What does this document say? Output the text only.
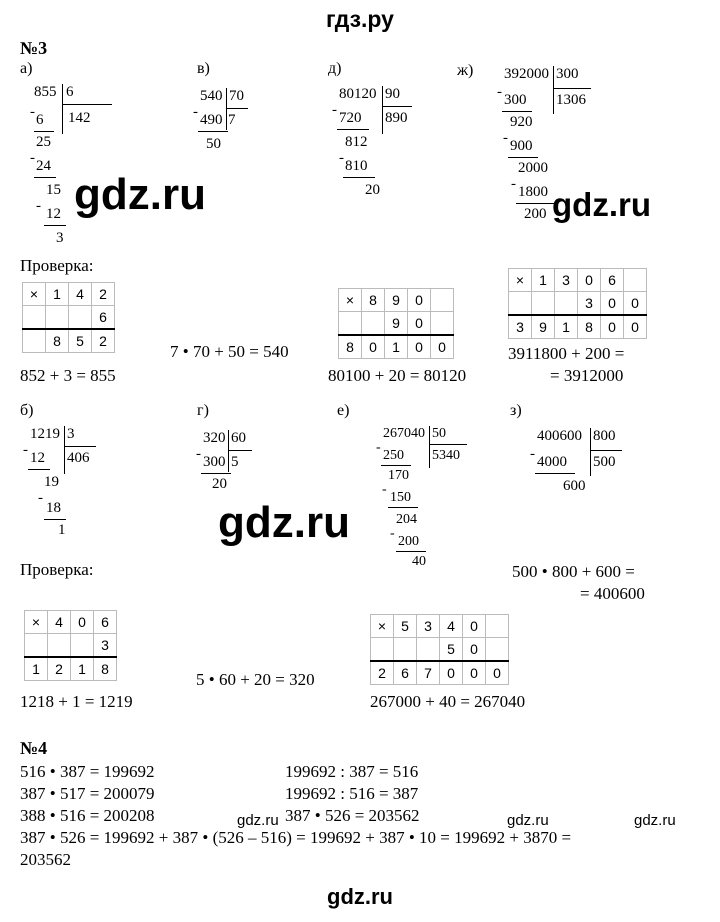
гдз.ру
№3
а)	в)	д)	ж)
855 6
142
- 6
25
- 24
15
- 12
3
540 70
7
- 490
50
80120 90
890
- 720
812
- 810
20
392000 300
1306
- 300
920
- 900
2000
- 1800
200
gdz.ru	gdz.ru
Проверка:
×	1	4	2
			6
	8	5	2
852 + 3 = 855
7 • 70 + 50 = 540
×	8	9	0	
		9	0	
8	0	1	0	0
80100 + 20 = 80120
×	1	3	0	6	
			3	0	0
3	9	1	8	0	0
3911800 + 200 =
= 3912000
б)	г)	е)	з)
1219 3
406
- 12
19
-
18
1
320 60
5
- 300
20
267040 50
5340
-
250
170
-
150
204
-
200
40
400600 800
500
- 4000
600
gdz.ru
Проверка:	500 • 800 + 600 =
= 400600
×	4	0	6
			3
1	2	1	8
1218 + 1 = 1219
5 • 60 + 20 = 320
×	5	3	4	0	
			5	0	
2	6	7	0	0	0
267000 + 40 = 267040
№4
516 • 387 = 199692
387 • 517 = 200079
388 • 516 = 200208
199692 : 387 = 516
199692 : 516 = 387
387 • 526 = 203562
gdz.ru	gdz.ru	gdz.ru
387 • 526 = 199692 + 387 • (526 – 516) = 199692 + 387 • 10 = 199692 + 3870 =
203562
gdz.ru
